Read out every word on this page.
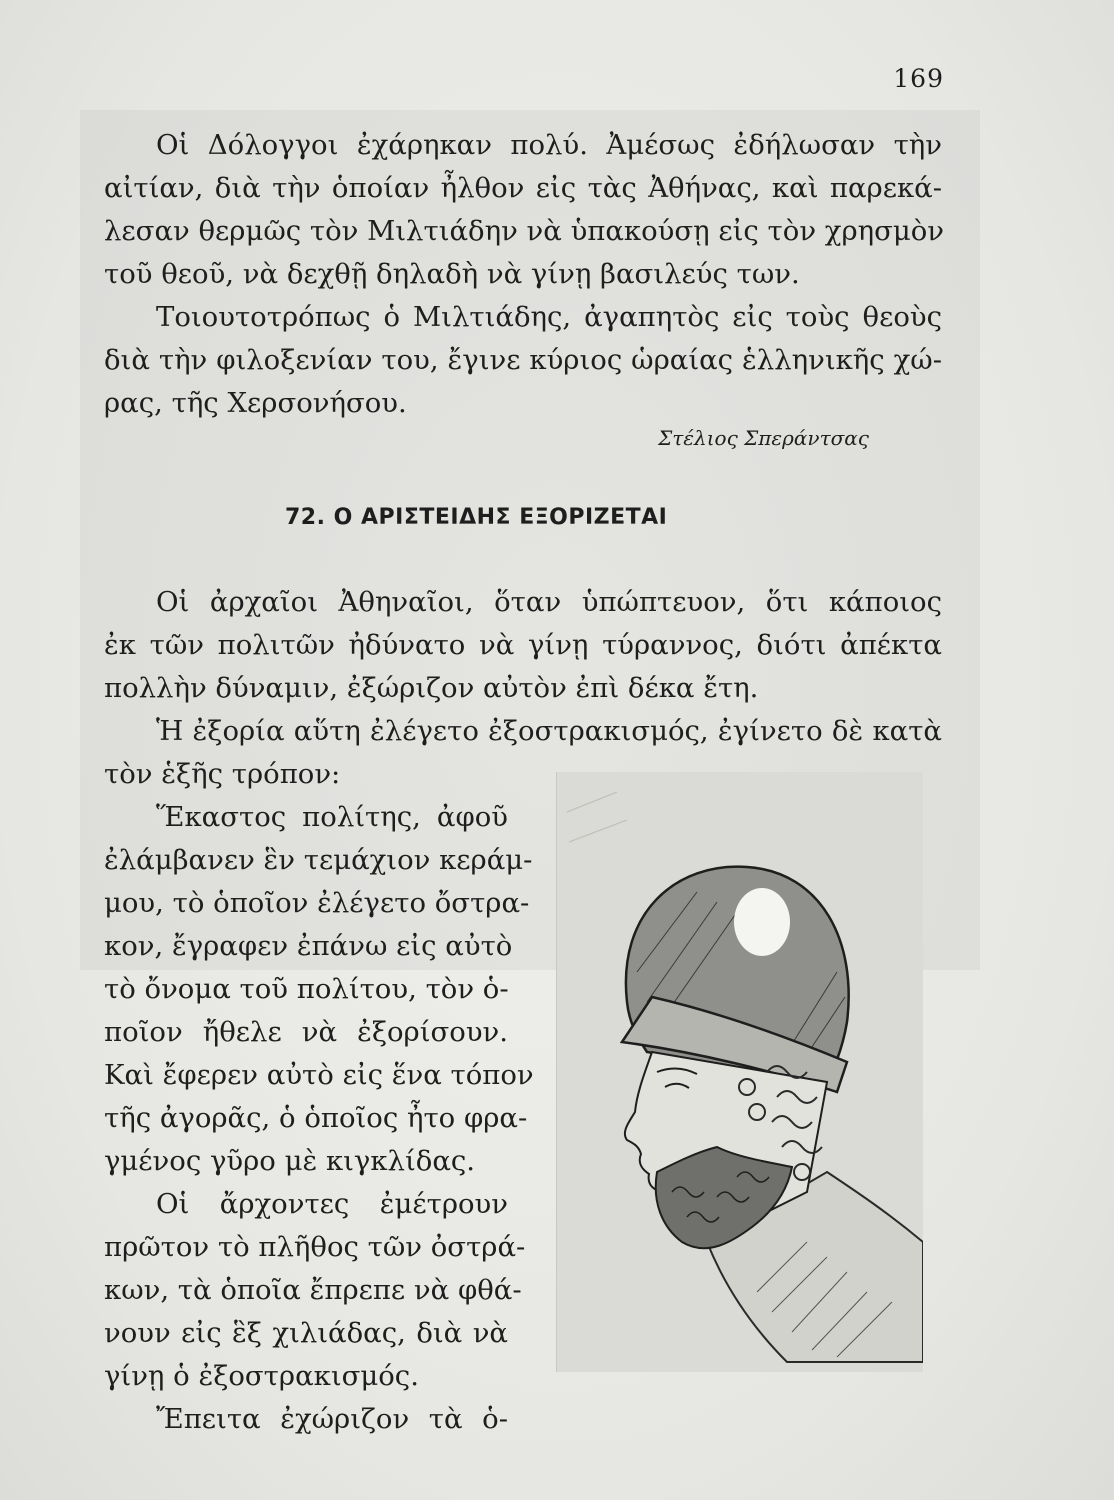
169
Οἱ Δόλογγοι ἐχάρηκαν πολύ. Ἀμέσως ἐδήλωσαν τὴν
αἰτίαν, διὰ τὴν ὁποίαν ἦλθον εἰς τὰς Ἀθήνας, καὶ παρεκά-
λεσαν θερμῶς τὸν Μιλτιάδην νὰ ὑπακούσῃ εἰς τὸν χρησμὸν
τοῦ θεοῦ, νὰ δεχθῇ δηλαδὴ νὰ γίνῃ βασιλεύς των.
Τοιουτοτρόπως ὁ Μιλτιάδης, ἀγαπητὸς εἰς τοὺς θεοὺς
διὰ τὴν φιλοξενίαν του, ἔγινε κύριος ὡραίας ἑλληνικῆς χώ-
ρας, τῆς Χερσονήσου.
Στέλιος Σπεράντσας
72. Ο ΑΡΙΣΤΕΙΔΗΣ ΕΞΟΡΙΖΕΤΑΙ
Οἱ ἀρχαῖοι Ἀθηναῖοι, ὅταν ὑπώπτευον, ὅτι κάποιος
ἐκ τῶν πολιτῶν ἠδύνατο νὰ γίνῃ τύραννος, διότι ἀπέκτα
πολλὴν δύναμιν, ἐξώριζον αὐτὸν ἐπὶ δέκα ἔτη.
Ἡ ἐξορία αὕτη ἐλέγετο ἐξοστρακισμός, ἐγίνετο δὲ κατὰ
τὸν ἑξῆς τρόπον:
Ἕκαστος πολίτης, ἀφοῦ
ἐλάμβανεν ἓν τεμάχιον κεράμ-
μου, τὸ ὁποῖον ἐλέγετο ὄστρα-
κον, ἔγραφεν ἐπάνω εἰς αὐτὸ
τὸ ὄνομα τοῦ πολίτου, τὸν ὁ-
ποῖον ἤθελε νὰ ἐξορίσουν.
Καὶ ἔφερεν αὐτὸ εἰς ἕνα τόπον
τῆς ἀγορᾶς, ὁ ὁποῖος ἦτο φρα-
γμένος γῦρο μὲ κιγκλίδας.
Οἱ ἄρχοντες ἐμέτρουν
πρῶτον τὸ πλῆθος τῶν ὀστρά-
κων, τὰ ὁποῖα ἔπρεπε νὰ φθά-
νουν εἰς ἓξ χιλιάδας, διὰ νὰ
γίνῃ ὁ ἐξοστρακισμός.
Ἔπειτα ἐχώριζον τὰ ὁ-
